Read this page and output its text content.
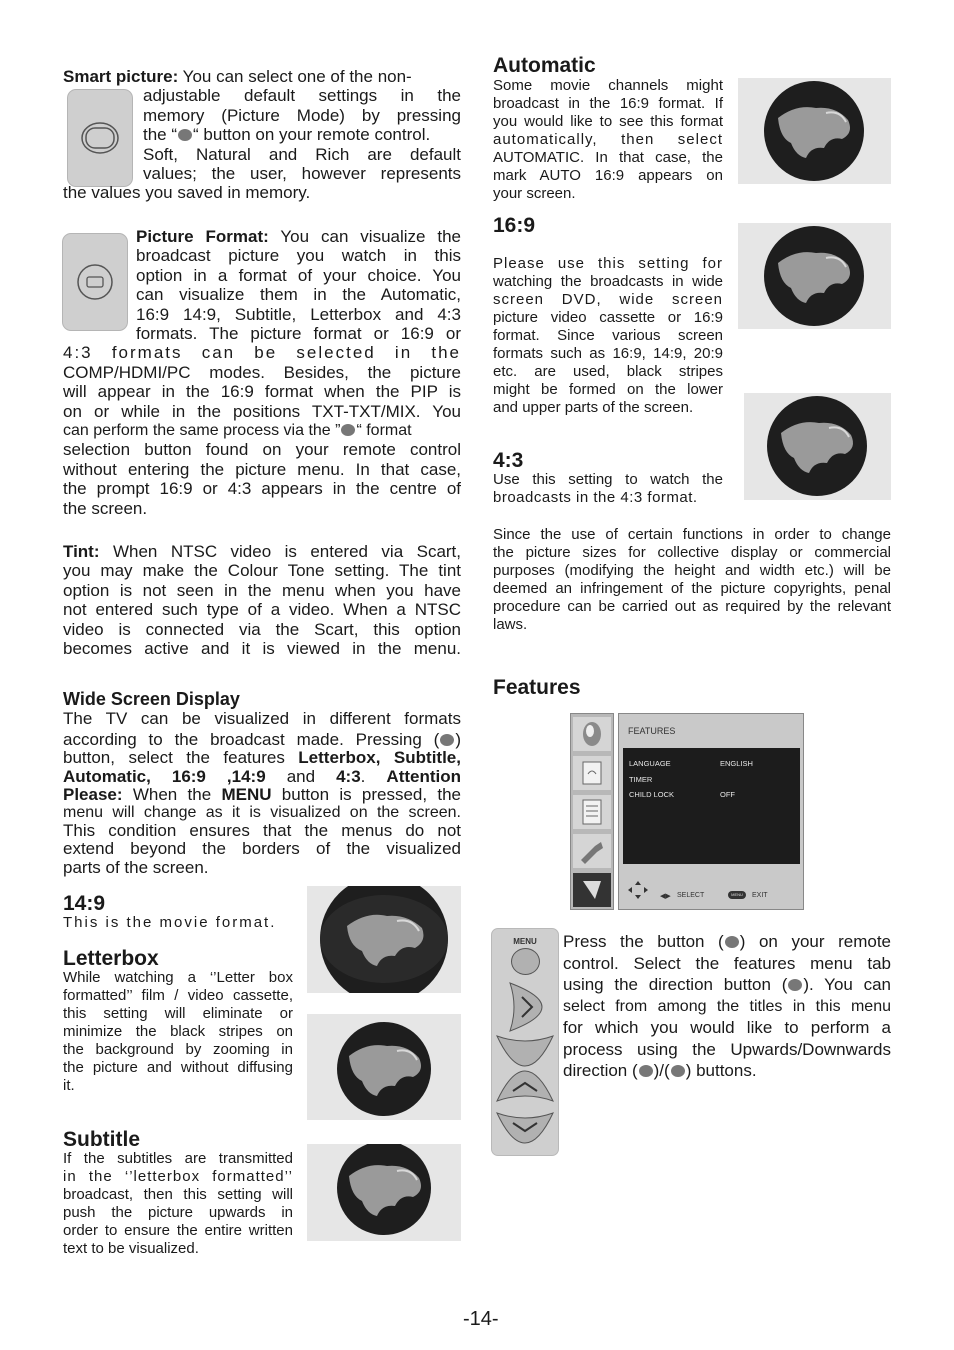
Smart picture: You can select one of the non-
adjustable default settings in the
memory (Picture Mode) by pressing
the “ “ button on your remote control.
Soft, Natural and Rich are default
values; the user, however represents
the values you saved in memory.
Picture Format: You can visualize the
broadcast picture you watch in this
option in a format of your choice. You
can visualize them in the Automatic,
16:9 14:9, Subtitle, Letterbox and 4:3
formats. The picture format or 16:9 or
4:3 formats can be selected in the
COMP/HDMI/PC modes. Besides, the picture
will appear in the 16:9 format when the PIP is
on or while in the positions TXT-TXT/MIX. You
can perform the same process via the ” “ format
selection button found on your remote control
without entering the picture menu. In that case,
the prompt 16:9 or 4:3 appears in the centre of
the screen.
Tint: When NTSC video is entered via Scart,
you may make the Colour Tone setting. The tint
option is not seen in the menu when you have
not entered such type of a video. When a NTSC
video is connected via the Scart, this option
becomes active and it is viewed in the menu.
Wide Screen Display
The TV can be visualized in different formats
according to the broadcast made. Pressing ( )
button, select the features Letterbox, Subtitle,
Automatic, 16:9 ,14:9 and 4:3. Attention
Please: When the MENU button is pressed, the
menu will change as it is visualized on the screen.
This condition ensures that the menus do not
extend beyond the borders of the visualized
parts of the screen.
14:9
This is the movie format.
Letterbox
While watching a ‘’Letter box
formatted’’ film / video cassette,
this setting will eliminate or
minimize the black stripes on
the background by zooming in
the picture and without diffusing
it.
Subtitle
If the subtitles are transmitted
in the ‘’letterbox formatted’’
broadcast, then this setting will
push the picture upwards in
order to ensure the entire written
text to be visualized.
Automatic
Some movie channels might
broadcast in the 16:9 format. If
you would like to see this format
automatically, then select
AUTOMATIC. In that case, the
mark AUTO 16:9 appears on
your screen.
16:9
Please use this setting for
watching the broadcasts in wide
screen DVD, wide screen
picture video cassette or 16:9
format. Since various screen
formats such as 16:9, 14:9, 20:9
etc. are used, black stripes
might be formed on the lower
and upper parts of the screen.
4:3
Use this setting to watch the
broadcasts in the 4:3 format.
Since the use of certain functions in order to change
the picture sizes for collective display or commercial
purposes (modifying the height and width etc.) will be
deemed an infringement of the picture copyrights, penal
procedure can be carried out as required by the relevant
laws.
Features
FEATURES
LANGUAGE	ENGLISH
TIMER
CHILD LOCK	OFF
◀▶ SELECT	MENU	EXIT
MENU	Press the button ( ) on your remote
control. Select the features menu tab
using the direction button ( ). You can
select from among the titles in this menu
for which you would like to perform a
process using the Upwards/Downwards
direction ( )/( ) buttons.
-14-
